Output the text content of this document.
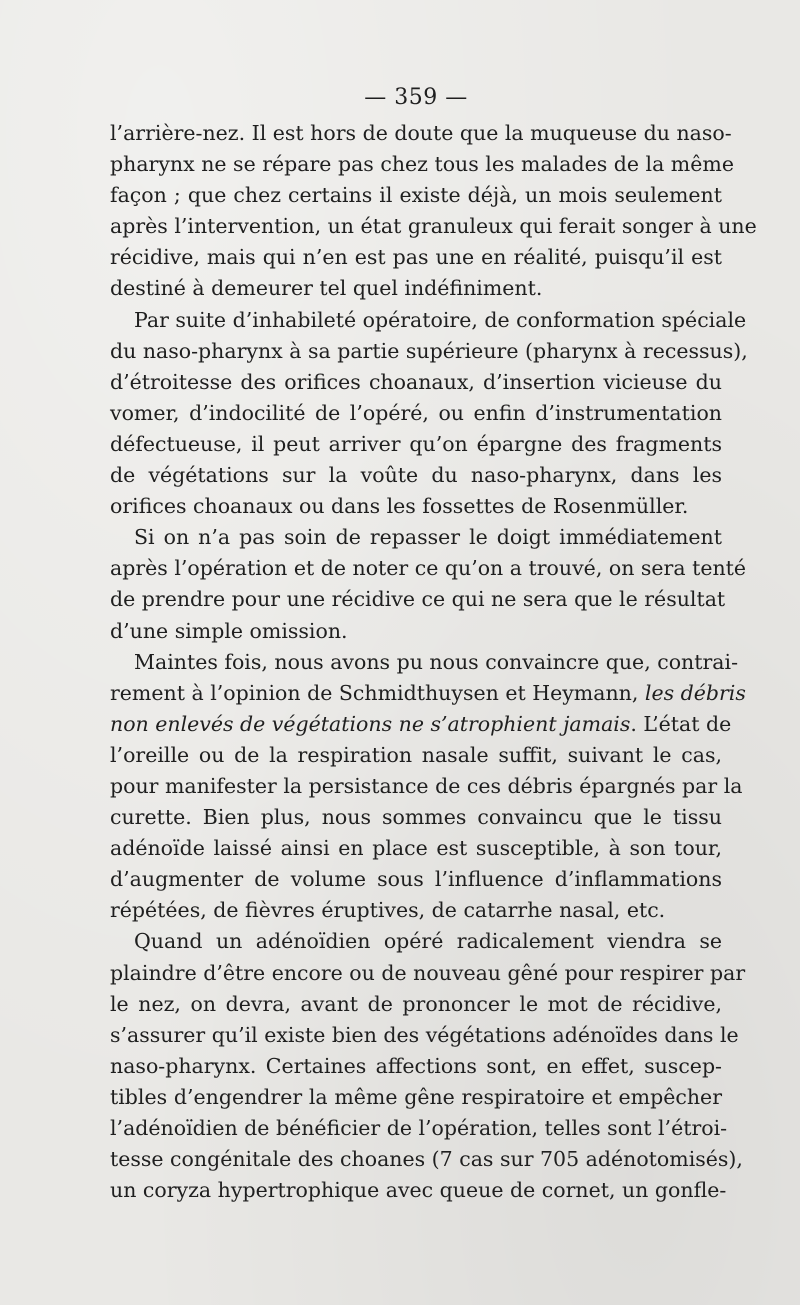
— 359 —
l’arrière-nez. Il est hors de doute que la muqueuse du naso-
pharynx ne se répare pas chez tous les malades de la même
façon ; que chez certains il existe déjà, un mois seulement
après l’intervention, un état granuleux qui ferait songer à une
récidive, mais qui n’en est pas une en réalité, puisqu’il est
destiné à demeurer tel quel indéfiniment.
Par suite d’inhabileté opératoire, de conformation spéciale
du naso-pharynx à sa partie supérieure (pharynx à recessus),
d’étroitesse des orifices choanaux, d’insertion vicieuse du
vomer, d’indocilité de l’opéré, ou enfin d’instrumentation
défectueuse, il peut arriver qu’on épargne des fragments
de végétations sur la voûte du naso-pharynx, dans les
orifices choanaux ou dans les fossettes de Rosenmüller.
Si on n’a pas soin de repasser le doigt immédiatement
après l’opération et de noter ce qu’on a trouvé, on sera tenté
de prendre pour une récidive ce qui ne sera que le résultat
d’une simple omission.
Maintes fois, nous avons pu nous convaincre que, contrai-
rement à l’opinion de Schmidthuysen et Heymann, les débris
non enlevés de végétations ne s’atrophient jamais. L’état de
l’oreille ou de la respiration nasale suffit, suivant le cas,
pour manifester la persistance de ces débris épargnés par la
curette. Bien plus, nous sommes convaincu que le tissu
adénoïde laissé ainsi en place est susceptible, à son tour,
d’augmenter de volume sous l’influence d’inflammations
répétées, de fièvres éruptives, de catarrhe nasal, etc.
Quand un adénoïdien opéré radicalement viendra se
plaindre d’être encore ou de nouveau gêné pour respirer par
le nez, on devra, avant de prononcer le mot de récidive,
s’assurer qu’il existe bien des végétations adénoïdes dans le
naso-pharynx. Certaines affections sont, en effet, suscep-
tibles d’engendrer la même gêne respiratoire et empêcher
l’adénoïdien de bénéficier de l’opération, telles sont l’étroi-
tesse congénitale des choanes (7 cas sur 705 adénotomisés),
un coryza hypertrophique avec queue de cornet, un gonfle-
